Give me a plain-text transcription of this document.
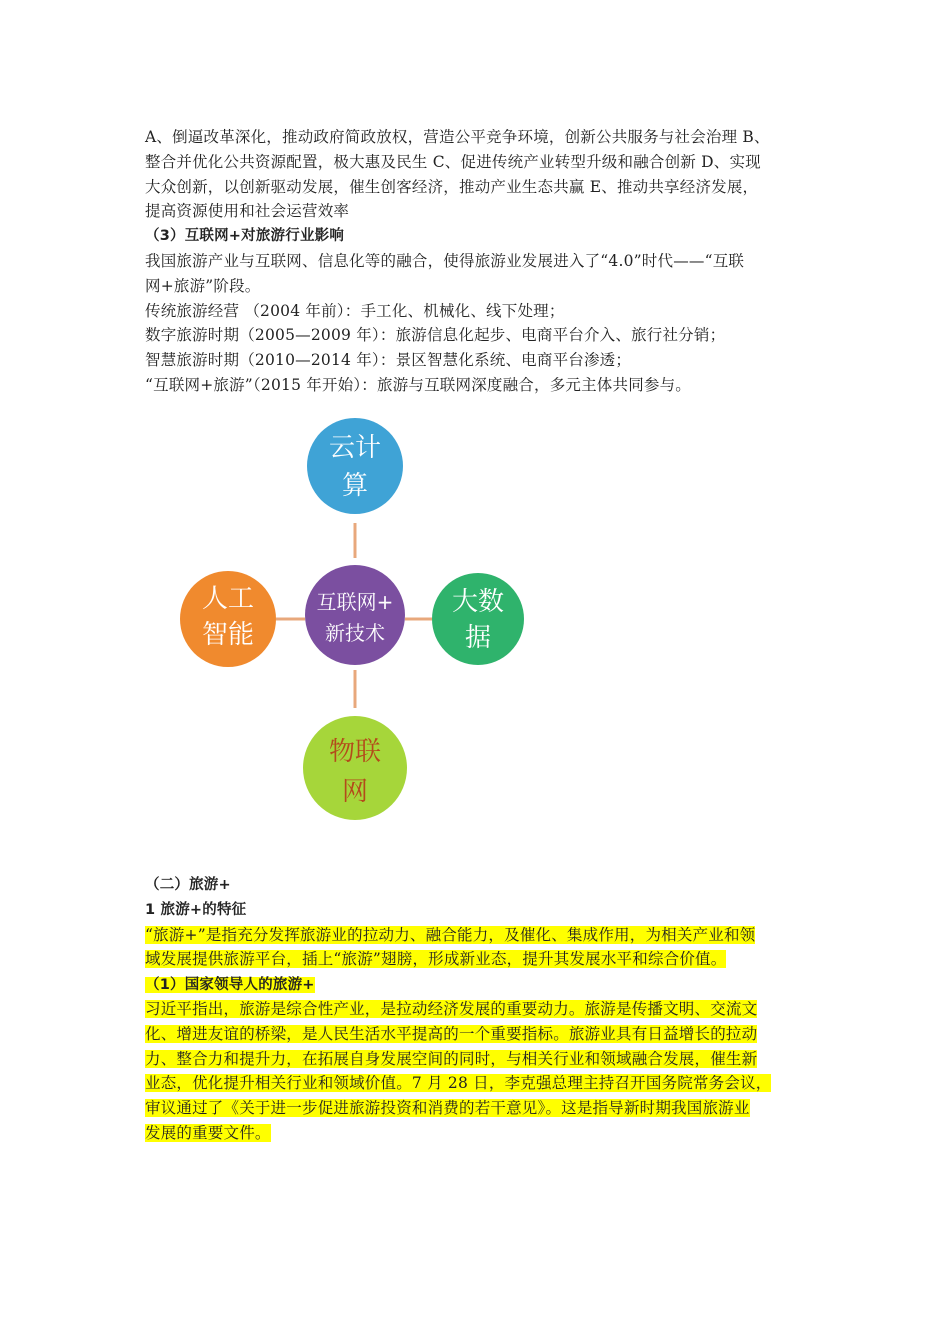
A、倒逼改革深化，推动政府简政放权，营造公平竞争环境，创新公共服务与社会治理 B、
整合并优化公共资源配置，极大惠及民生 C、促进传统产业转型升级和融合创新 D、实现
大众创新，以创新驱动发展，催生创客经济，推动产业生态共赢 E、推动共享经济发展，
提高资源使用和社会运营效率
（3）互联网+对旅游行业影响
我国旅游产业与互联网、信息化等的融合，使得旅游业发展进入了“4.0”时代——“互联
网+旅游”阶段。
传统旅游经营 （2004 年前）：手工化、机械化、线下处理；
数字旅游时期（2005—2009 年）：旅游信息化起步、电商平台介入、旅行社分销；
智慧旅游时期（2010—2014 年）：景区智慧化系统、电商平台渗透；
“互联网+旅游”（2015 年开始）：旅游与互联网深度融合，多元主体共同参与。
云计
算
人工
智能
互联网+
新技术
大数
据
物联
网
（二）旅游+
1 旅游+的特征
“旅游+”是指充分发挥旅游业的拉动力、融合能力，及催化、集成作用，为相关产业和领
域发展提供旅游平台，插上“旅游”翅膀，形成新业态，提升其发展水平和综合价值。
（1）国家领导人的旅游+
习近平指出，旅游是综合性产业，是拉动经济发展的重要动力。旅游是传播文明、交流文
化、增进友谊的桥梁，是人民生活水平提高的一个重要指标。旅游业具有日益增长的拉动
力、整合力和提升力，在拓展自身发展空间的同时，与相关行业和领域融合发展，催生新
业态，优化提升相关行业和领域价值。7 月 28 日，李克强总理主持召开国务院常务会议，
审议通过了《关于进一步促进旅游投资和消费的若干意见》。这是指导新时期我国旅游业
发展的重要文件。
